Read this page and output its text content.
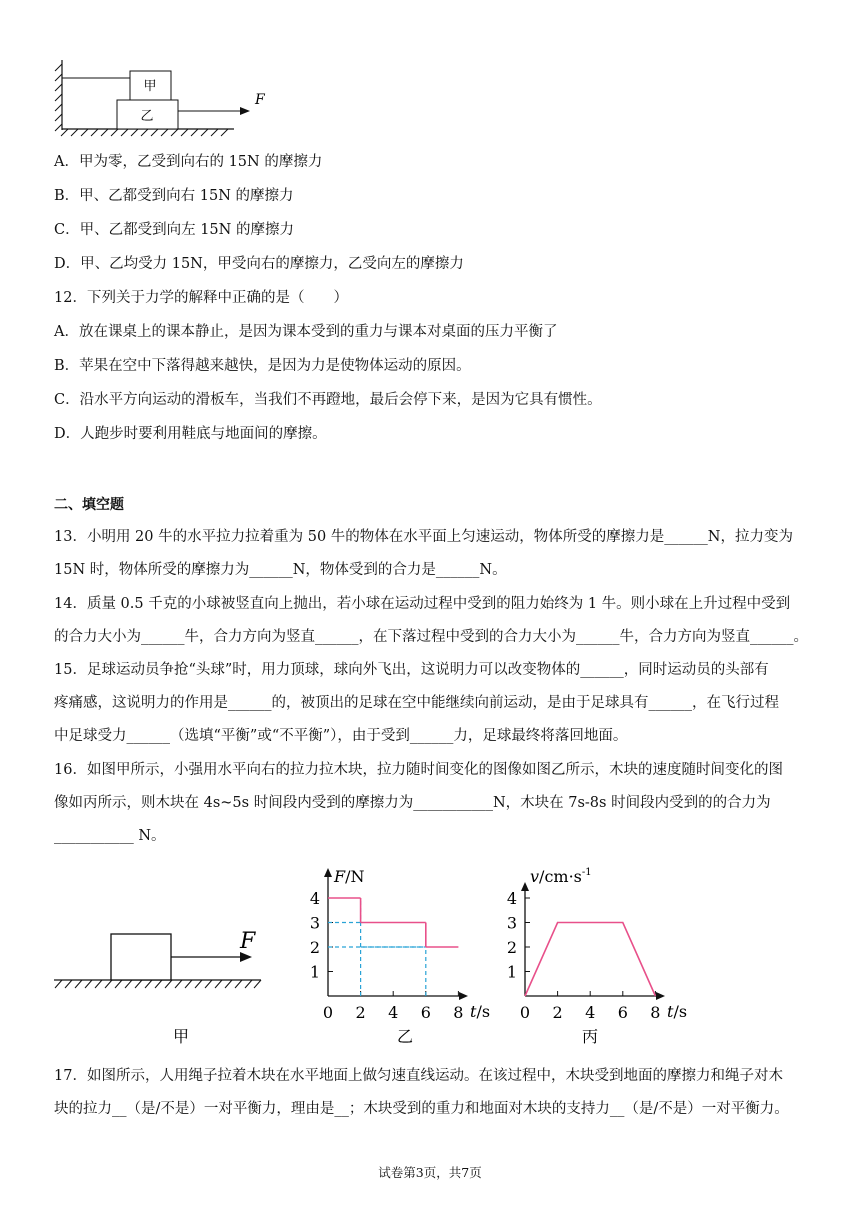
甲
乙
F
A．甲为零，乙受到向右的 15N 的摩擦力
B．甲、乙都受到向右 15N 的摩擦力
C．甲、乙都受到向左 15N 的摩擦力
D．甲、乙均受力 15N，甲受向右的摩擦力，乙受向左的摩擦力
12．下列关于力学的解释中正确的是（　　）
A．放在课桌上的课本静止，是因为课本受到的重力与课本对桌面的压力平衡了
B．苹果在空中下落得越来越快，是因为力是使物体运动的原因。
C．沿水平方向运动的滑板车，当我们不再蹬地，最后会停下来，是因为它具有惯性。
D．人跑步时要利用鞋底与地面间的摩擦。
二、填空题
13．小明用 20 牛的水平拉力拉着重为 50 牛的物体在水平面上匀速运动，物体所受的摩擦力是______N，拉力变为
15N 时，物体所受的摩擦力为______N，物体受到的合力是______N。
14．质量 0.5 千克的小球被竖直向上抛出，若小球在运动过程中受到的阻力始终为 1 牛。则小球在上升过程中受到
的合力大小为______牛，合力方向为竖直______，在下落过程中受到的合力大小为______牛，合力方向为竖直______。
15．足球运动员争抢“头球”时，用力顶球，球向外飞出，这说明力可以改变物体的______，同时运动员的头部有
疼痛感，这说明力的作用是______的，被顶出的足球在空中能继续向前运动，是由于足球具有______，在飞行过程
中足球受力______（选填“平衡”或“不平衡”），由于受到______力，足球最终将落回地面。
16．如图甲所示，小强用水平向右的拉力拉木块，拉力随时间变化的图像如图乙所示，木块的速度随时间变化的图
像如丙所示，则木块在 4s~5s 时间段内受到的摩擦力为___________N，木块在 7s-8s 时间段内受到的的合力为
___________ N。
F
甲
F/N
t/s
乙
0 2 4 6 8
1
2
3
4
$v/cm\cdot s^{-1}$
t/s
丙
0 2 4 6 8
1
2
3
4
17．如图所示，人用绳子拉着木块在水平地面上做匀速直线运动。在该过程中，木块受到地面的摩擦力和绳子对木
块的拉力__（是/不是）一对平衡力，理由是__；木块受到的重力和地面对木块的支持力__（是/不是）一对平衡力。
试卷第3页，共7页
